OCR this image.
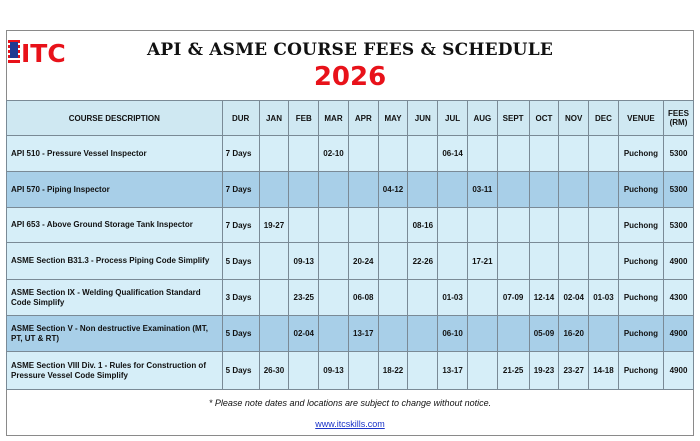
ITC	API & ASME COURSE FEES & SCHEDULE
2026
COURSE DESCRIPTION	DUR	JAN	FEB	MAR	APR	MAY	JUN	JUL	AUG	SEPT	OCT	NOV	DEC	VENUE	FEES
(RM)
API 510 - Pressure Vessel Inspector	7 Days			02-10				06-14						Puchong	5300
API 570 - Piping Inspector	7 Days					04-12			03-11					Puchong	5300
API 653 - Above Ground Storage Tank Inspector	7 Days	19-27					08-16							Puchong	5300
ASME Section B31.3 - Process Piping Code Simplify	5 Days		09-13		20-24		22-26		17-21					Puchong	4900
ASME Section IX - Welding Qualification Standard Code Simplify	3 Days		23-25		06-08			01-03		07-09	12-14	02-04	01-03	Puchong	4300
ASME Section V - Non destructive Examination (MT, PT, UT & RT)	5 Days		02-04		13-17			06-10			05-09	16-20		Puchong	4900
ASME Section VIII Div. 1 - Rules for Construction of Pressure Vessel Code Simplify	5 Days	26-30		09-13		18-22		13-17		21-25	19-23	23-27	14-18	Puchong	4900
* Please note dates and locations are subject to change without notice.
www.itcskills.com
